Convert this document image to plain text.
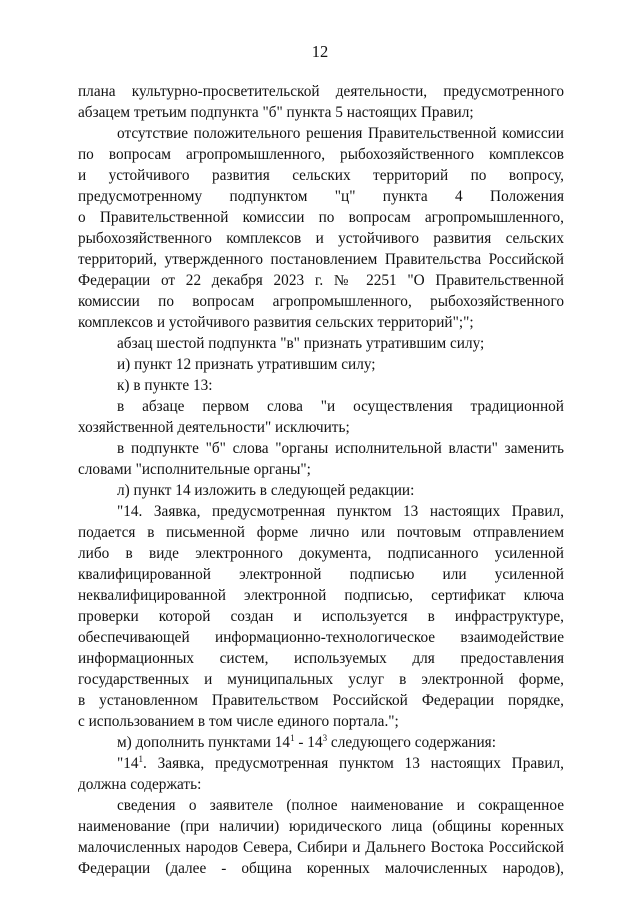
12

плана культурно-просветительской деятельности, предусмотренного
абзацем третьим подпункта "б" пункта 5 настоящих Правил;

отсутствие положительного решения Правительственной комиссии
по вопросам агропромышленного, рыбохозяйственного комплексов
и устойчивого развития сельских территорий по вопросу,
предусмотренному подпунктом "ц" пункта 4 Положения
о Правительственной комиссии по вопросам агропромышленного,
рыбохозяйственного комплексов и устойчивого развития сельских
территорий, утвержденного постановлением Правительства Российской
Федерации от 22 декабря 2023 г. № 2251 "О Правительственной
комиссии по вопросам агропромышленного, рыбохозяйственного
комплексов и устойчивого развития сельских территорий";";

абзац шестой подпункта "в" признать утратившим силу;

и) пункт 12 признать утратившим силу;

к) в пункте 13:

в абзаце первом слова "и осуществления традиционной
хозяйственной деятельности" исключить;

в подпункте "б" слова "органы исполнительной власти" заменить
словами "исполнительные органы";

л) пункт 14 изложить в следующей редакции:

"14. Заявка, предусмотренная пунктом 13 настоящих Правил,
подается в письменной форме лично или почтовым отправлением
либо в виде электронного документа, подписанного усиленной
квалифицированной электронной подписью или усиленной
неквалифицированной электронной подписью, сертификат ключа
проверки которой создан и используется в инфраструктуре,
обеспечивающей информационно-технологическое взаимодействие
информационных систем, используемых для предоставления
государственных и муниципальных услуг в электронной форме,
в установленном Правительством Российской Федерации порядке,
с использованием в том числе единого портала.";

м) дополнить пунктами $14^1 - 14^3$ следующего содержания:

"$14^1$. Заявка, предусмотренная пунктом 13 настоящих Правил,
должна содержать:

сведения о заявителе (полное наименование и сокращенное
наименование (при наличии) юридического лица (общины коренных
малочисленных народов Севера, Сибири и Дальнего Востока Российской
Федерации (далее - община коренных малочисленных народов),
